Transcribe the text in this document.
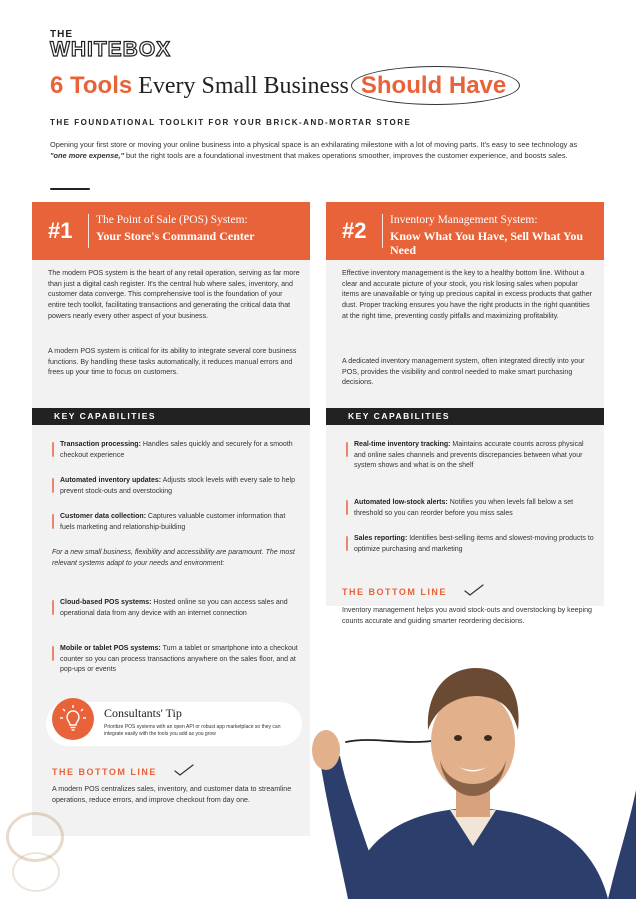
THE
WHITEBOX
6 Tools Every Small Business Should Have
THE FOUNDATIONAL TOOLKIT FOR YOUR BRICK-AND-MORTAR STORE
Opening your first store or moving your online business into a physical space is an exhilarating milestone with a lot of moving parts. It's easy to see technology as "one more expense," but the right tools are a foundational investment that makes operations smoother, improves the customer experience, and boosts sales.
#1 The Point of Sale (POS) System:
Your Store's Command Center
The modern POS system is the heart of any retail operation, serving as far more than just a digital cash register. It's the central hub where sales, inventory, and customer data converge. This comprehensive tool is the foundation of your entire tech toolkit, facilitating transactions and generating the critical data that powers nearly every other aspect of your business.
A modern POS system is critical for its ability to integrate several core business functions. By handling these tasks automatically, it reduces manual errors and frees up your time to focus on customers.
KEY CAPABILITIES
Transaction processing: Handles sales quickly and securely for a smooth checkout experience
Automated inventory updates: Adjusts stock levels with every sale to help prevent stock-outs and overstocking
Customer data collection: Captures valuable customer information that fuels marketing and relationship-building
For a new small business, flexibility and accessibility are paramount. The most relevant systems adapt to your needs and environment:
Cloud-based POS systems: Hosted online so you can access sales and operational data from any device with an internet connection
Mobile or tablet POS systems: Turn a tablet or smartphone into a checkout counter so you can process transactions anywhere on the sales floor, and at pop-ups or events
Consultants' Tip
Prioritize POS systems with an open API or robust app marketplace so they can integrate easily with the tools you add as you grow
THE BOTTOM LINE
A modern POS centralizes sales, inventory, and customer data to streamline operations, reduce errors, and improve checkout from day one.
#2 Inventory Management System:
Know What You Have, Sell What You Need
Effective inventory management is the key to a healthy bottom line. Without a clear and accurate picture of your stock, you risk losing sales when popular items are unavailable or tying up precious capital in excess products that gather dust. Proper tracking ensures you have the right products in the right quantities at the right time, preventing costly pitfalls and maximizing profitability.
A dedicated inventory management system, often integrated directly into your POS, provides the visibility and control needed to make smart purchasing decisions.
KEY CAPABILITIES
Real-time inventory tracking: Maintains accurate counts across physical and online sales channels and prevents discrepancies between what your system shows and what is on the shelf
Automated low-stock alerts: Notifies you when levels fall below a set threshold so you can reorder before you miss sales
Sales reporting: Identifies best-selling items and slowest-moving products to optimize purchasing and marketing
THE BOTTOM LINE
Inventory management helps you avoid stock-outs and overstocking by keeping counts accurate and guiding smarter reordering decisions.
